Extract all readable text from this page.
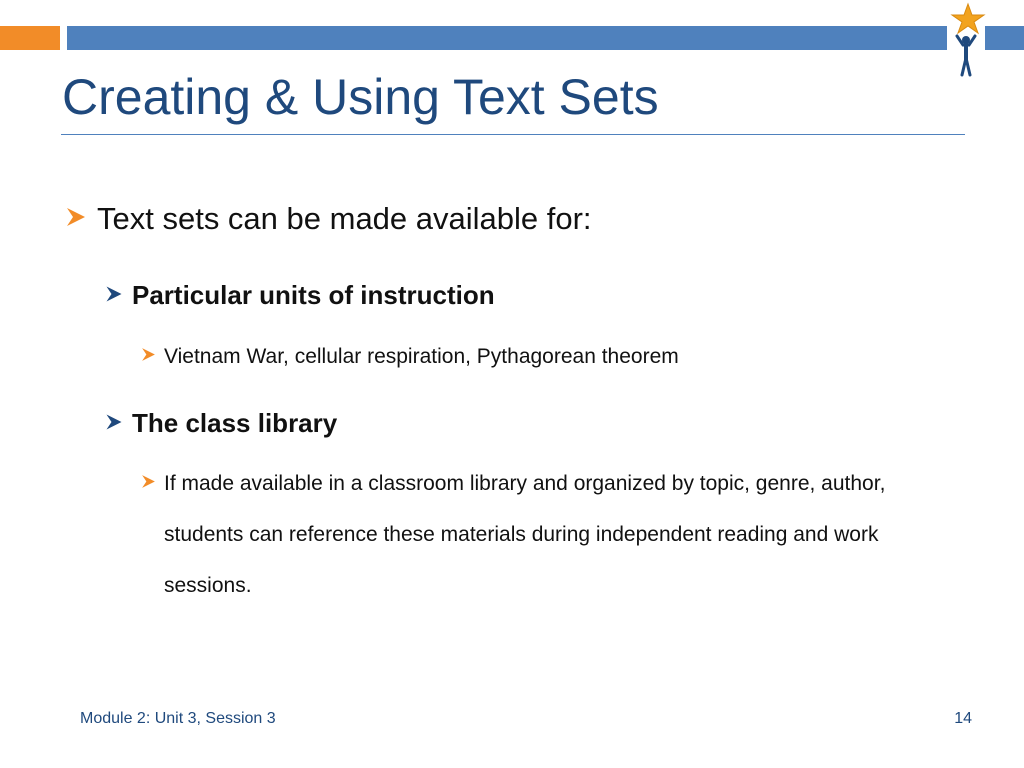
Creating & Using Text Sets
Text sets can be made available for:
Particular units of instruction
Vietnam War, cellular respiration, Pythagorean theorem
The class library
If made available in a classroom library and organized by topic, genre, author, students can reference these materials during independent reading and work sessions.
Module 2: Unit 3, Session 3	14
